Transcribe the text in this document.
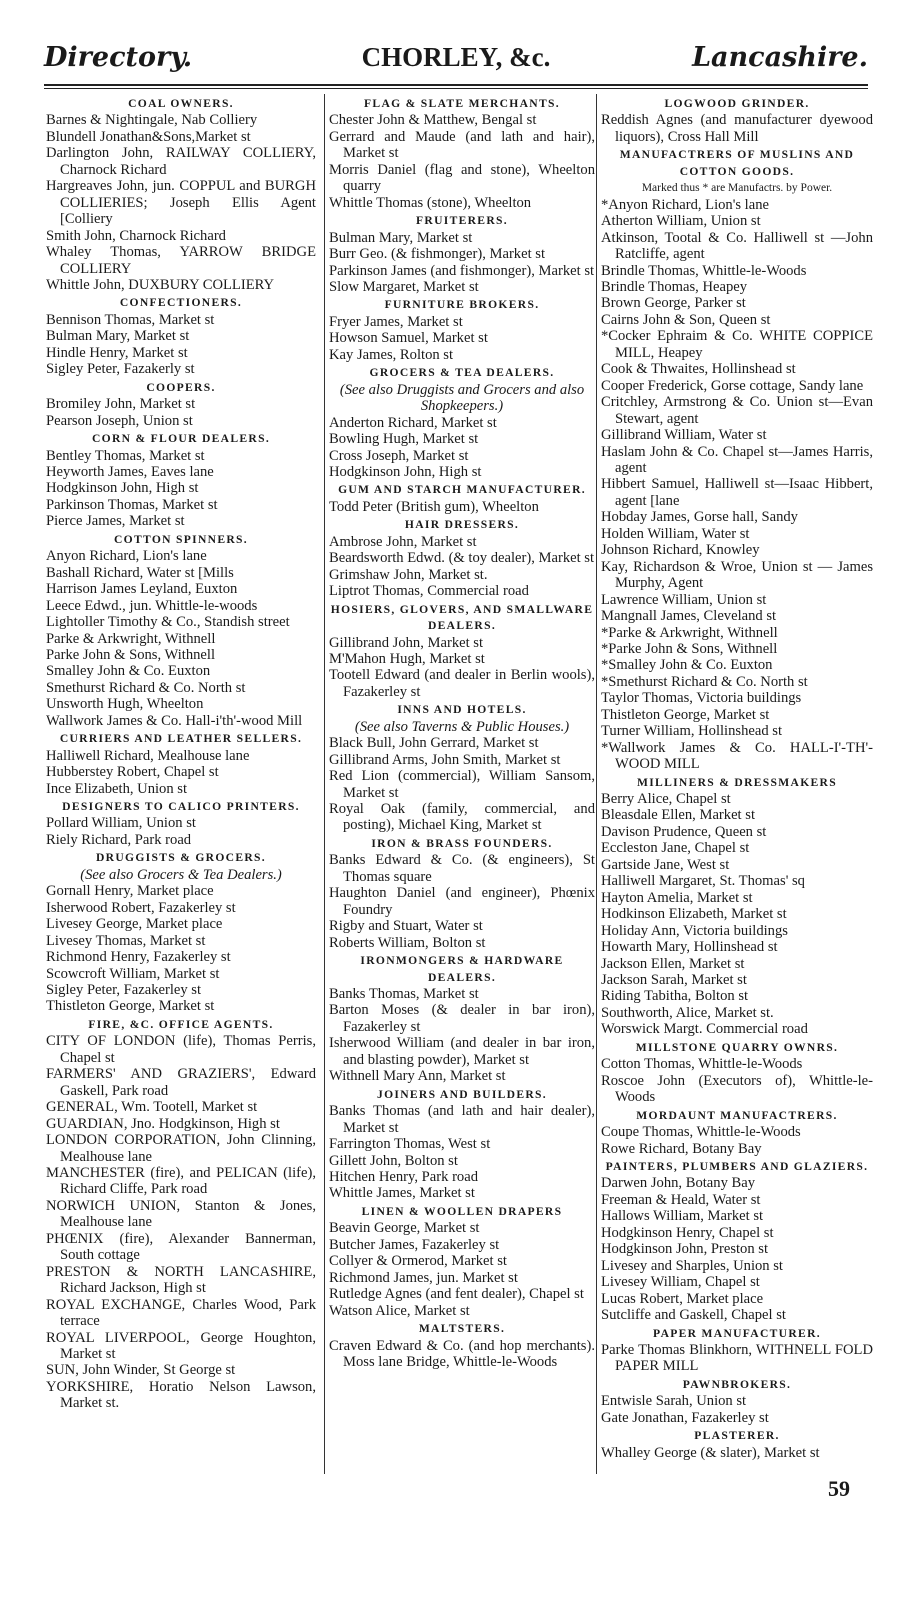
Directory.	CHORLEY, &c.	Lancashire.
COAL OWNERS.
Barnes & Nightingale, Nab Colliery
Blundell Jonathan&Sons,Market st
Darlington John, RAILWAY COLLIERY, Charnock Richard
Hargreaves John, jun. COPPUL and BURGH COLLIERIES; Joseph Ellis Agent [Colliery
Smith John, Charnock Richard
Whaley Thomas, YARROW BRIDGE COLLIERY
Whittle John, DUXBURY COLLIERY
CONFECTIONERS.
Bennison Thomas, Market st
Bulman Mary, Market st
Hindle Henry, Market st
Sigley Peter, Fazakerly st
COOPERS.
Bromiley John, Market st
Pearson Joseph, Union st
CORN & FLOUR DEALERS.
Bentley Thomas, Market st
Heyworth James, Eaves lane
Hodgkinson John, High st
Parkinson Thomas, Market st
Pierce James, Market st
COTTON SPINNERS.
Anyon Richard, Lion's lane
Bashall Richard, Water st [Mills
Harrison James Leyland, Euxton
Leece Edwd., jun. Whittle-le-woods
Lightoller Timothy & Co., Standish street
Parke & Arkwright, Withnell
Parke John & Sons, Withnell
Smalley John & Co. Euxton
Smethurst Richard & Co. North st
Unsworth Hugh, Wheelton
Wallwork James & Co. Hall-i'th'-wood Mill
CURRIERS AND LEATHER SELLERS.
Halliwell Richard, Mealhouse lane
Hubberstey Robert, Chapel st
Ince Elizabeth, Union st
DESIGNERS TO CALICO PRINTERS.
Pollard William, Union st
Riely Richard, Park road
DRUGGISTS & GROCERS.
(See also Grocers & Tea Dealers.)
Gornall Henry, Market place
Isherwood Robert, Fazakerley st
Livesey George, Market place
Livesey Thomas, Market st
Richmond Henry, Fazakerley st
Scowcroft William, Market st
Sigley Peter, Fazakerley st
Thistleton George, Market st
FIRE, &C. OFFICE AGENTS.
CITY OF LONDON (life), Thomas Perris, Chapel st
FARMERS' AND GRAZIERS', Edward Gaskell, Park road
GENERAL, Wm. Tootell, Market st
GUARDIAN, Jno. Hodgkinson, High st
LONDON CORPORATION, John Clinning, Mealhouse lane
MANCHESTER (fire), and PELICAN (life), Richard Cliffe, Park road
NORWICH UNION, Stanton & Jones, Mealhouse lane
PHŒNIX (fire), Alexander Bannerman, South cottage
PRESTON & NORTH LANCASHIRE, Richard Jackson, High st
ROYAL EXCHANGE, Charles Wood, Park terrace
ROYAL LIVERPOOL, George Houghton, Market st
SUN, John Winder, St George st
YORKSHIRE, Horatio Nelson Lawson, Market st.
FLAG & SLATE MERCHANTS.
Chester John & Matthew, Bengal st
Gerrard and Maude (and lath and hair), Market st
Morris Daniel (flag and stone), Wheelton quarry
Whittle Thomas (stone), Wheelton
FRUITERERS.
Bulman Mary, Market st
Burr Geo. (& fishmonger), Market st
Parkinson James (and fishmonger), Market st
Slow Margaret, Market st
FURNITURE BROKERS.
Fryer James, Market st
Howson Samuel, Market st
Kay James, Rolton st
GROCERS & TEA DEALERS.
(See also Druggists and Grocers and also Shopkeepers.)
Anderton Richard, Market st
Bowling Hugh, Market st
Cross Joseph, Market st
Hodgkinson John, High st
GUM AND STARCH MANUFACTURER.
Todd Peter (British gum), Wheelton
HAIR DRESSERS.
Ambrose John, Market st
Beardsworth Edwd. (& toy dealer), Market st
Grimshaw John, Market st.
Liptrot Thomas, Commercial road
HOSIERS, GLOVERS, AND SMALLWARE DEALERS.
Gillibrand John, Market st
M'Mahon Hugh, Market st
Tootell Edward (and dealer in Berlin wools), Fazakerley st
INNS AND HOTELS.
(See also Taverns & Public Houses.)
Black Bull, John Gerrard, Market st
Gillibrand Arms, John Smith, Market st
Red Lion (commercial), William Sansom, Market st
Royal Oak (family, commercial, and posting), Michael King, Market st
IRON & BRASS FOUNDERS.
Banks Edward & Co. (& engineers), St Thomas square
Haughton Daniel (and engineer), Phœnix Foundry
Rigby and Stuart, Water st
Roberts William, Bolton st
IRONMONGERS & HARDWARE DEALERS.
Banks Thomas, Market st
Barton Moses (& dealer in bar iron), Fazakerley st
Isherwood William (and dealer in bar iron, and blasting powder), Market st
Withnell Mary Ann, Market st
JOINERS AND BUILDERS.
Banks Thomas (and lath and hair dealer), Market st
Farrington Thomas, West st
Gillett John, Bolton st
Hitchen Henry, Park road
Whittle James, Market st
LINEN & WOOLLEN DRAPERS
Beavin George, Market st
Butcher James, Fazakerley st
Collyer & Ormerod, Market st
Richmond James, jun. Market st
Rutledge Agnes (and fent dealer), Chapel st
Watson Alice, Market st
MALTSTERS.
Craven Edward & Co. (and hop merchants). Moss lane Bridge, Whittle-le-Woods
LOGWOOD GRINDER.
Reddish Agnes (and manufacturer dyewood liquors), Cross Hall Mill
MANUFACTRERS OF MUSLINS AND COTTON GOODS.
Marked thus * are Manufactrs. by Power.
*Anyon Richard, Lion's lane
Atherton William, Union st
Atkinson, Tootal & Co. Halliwell st —John Ratcliffe, agent
Brindle Thomas, Whittle-le-Woods
Brindle Thomas, Heapey
Brown George, Parker st
Cairns John & Son, Queen st
*Cocker Ephraim & Co. WHITE COPPICE MILL, Heapey
Cook & Thwaites, Hollinshead st
Cooper Frederick, Gorse cottage, Sandy lane
Critchley, Armstrong & Co. Union st—Evan Stewart, agent
Gillibrand William, Water st
Haslam John & Co. Chapel st—James Harris, agent
Hibbert Samuel, Halliwell st—Isaac Hibbert, agent [lane
Hobday James, Gorse hall, Sandy
Holden William, Water st
Johnson Richard, Knowley
Kay, Richardson & Wroe, Union st — James Murphy, Agent
Lawrence William, Union st
Mangnall James, Cleveland st
*Parke & Arkwright, Withnell
*Parke John & Sons, Withnell
*Smalley John & Co. Euxton
*Smethurst Richard & Co. North st
Taylor Thomas, Victoria buildings
Thistleton George, Market st
Turner William, Hollinshead st
*Wallwork James & Co. HALL-I'-TH'-WOOD MILL
MILLINERS & DRESSMAKERS
Berry Alice, Chapel st
Bleasdale Ellen, Market st
Davison Prudence, Queen st
Eccleston Jane, Chapel st
Gartside Jane, West st
Halliwell Margaret, St. Thomas' sq
Hayton Amelia, Market st
Hodkinson Elizabeth, Market st
Holiday Ann, Victoria buildings
Howarth Mary, Hollinshead st
Jackson Ellen, Market st
Jackson Sarah, Market st
Riding Tabitha, Bolton st
Southworth, Alice, Market st.
Worswick Margt. Commercial road
MILLSTONE QUARRY OWNRS.
Cotton Thomas, Whittle-le-Woods
Roscoe John (Executors of), Whittle-le-Woods
MORDAUNT MANUFACTRERS.
Coupe Thomas, Whittle-le-Woods
Rowe Richard, Botany Bay
PAINTERS, PLUMBERS AND GLAZIERS.
Darwen John, Botany Bay
Freeman & Heald, Water st
Hallows William, Market st
Hodgkinson Henry, Chapel st
Hodgkinson John, Preston st
Livesey and Sharples, Union st
Livesey William, Chapel st
Lucas Robert, Market place
Sutcliffe and Gaskell, Chapel st
PAPER MANUFACTURER.
Parke Thomas Blinkhorn, WITHNELL FOLD PAPER MILL
PAWNBROKERS.
Entwisle Sarah, Union st
Gate Jonathan, Fazakerley st
PLASTERER.
Whalley George (& slater), Market st
59
